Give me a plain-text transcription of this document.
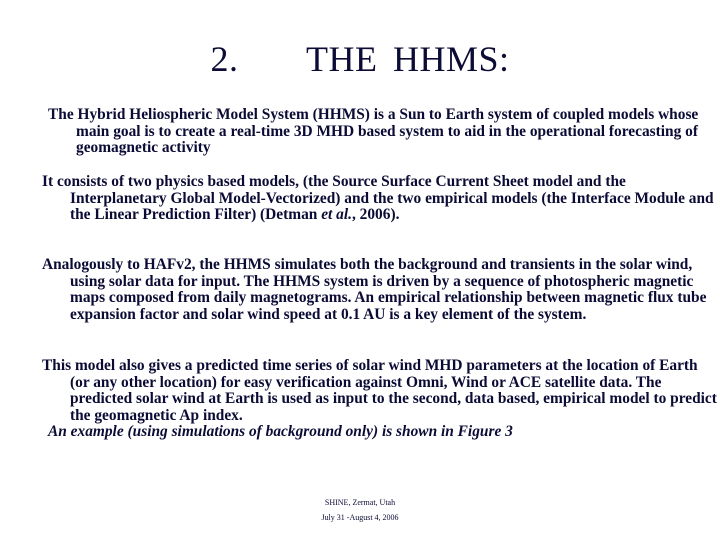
2. THE HHMS:

The Hybrid Heliospheric Model System (HHMS) is a Sun to Earth system of coupled models whose main goal is to create a real-time 3D MHD based system to aid in the operational forecasting of geomagnetic activity

It consists of two physics based models, (the Source Surface Current Sheet model and the Interplanetary Global Model-Vectorized) and the two empirical models (the Interface Module and the Linear Prediction Filter) (Detman et al., 2006).

Analogously to HAFv2, the HHMS simulates both the background and transients in the solar wind, using solar data for input. The HHMS system is driven by a sequence of photospheric magnetic maps composed from daily magnetograms. An empirical relationship between magnetic flux tube expansion factor and solar wind speed at 0.1 AU is a key element of the system.

This model also gives a predicted time series of solar wind MHD parameters at the location of Earth (or any other location) for easy verification against Omni, Wind or ACE satellite data. The predicted solar wind at Earth is used as input to the second, data based, empirical model to predict the geomagnetic Ap index.

An example (using simulations of background only) is shown in Figure 3

SHINE, Zermat, Utah
July 31 -August 4, 2006
